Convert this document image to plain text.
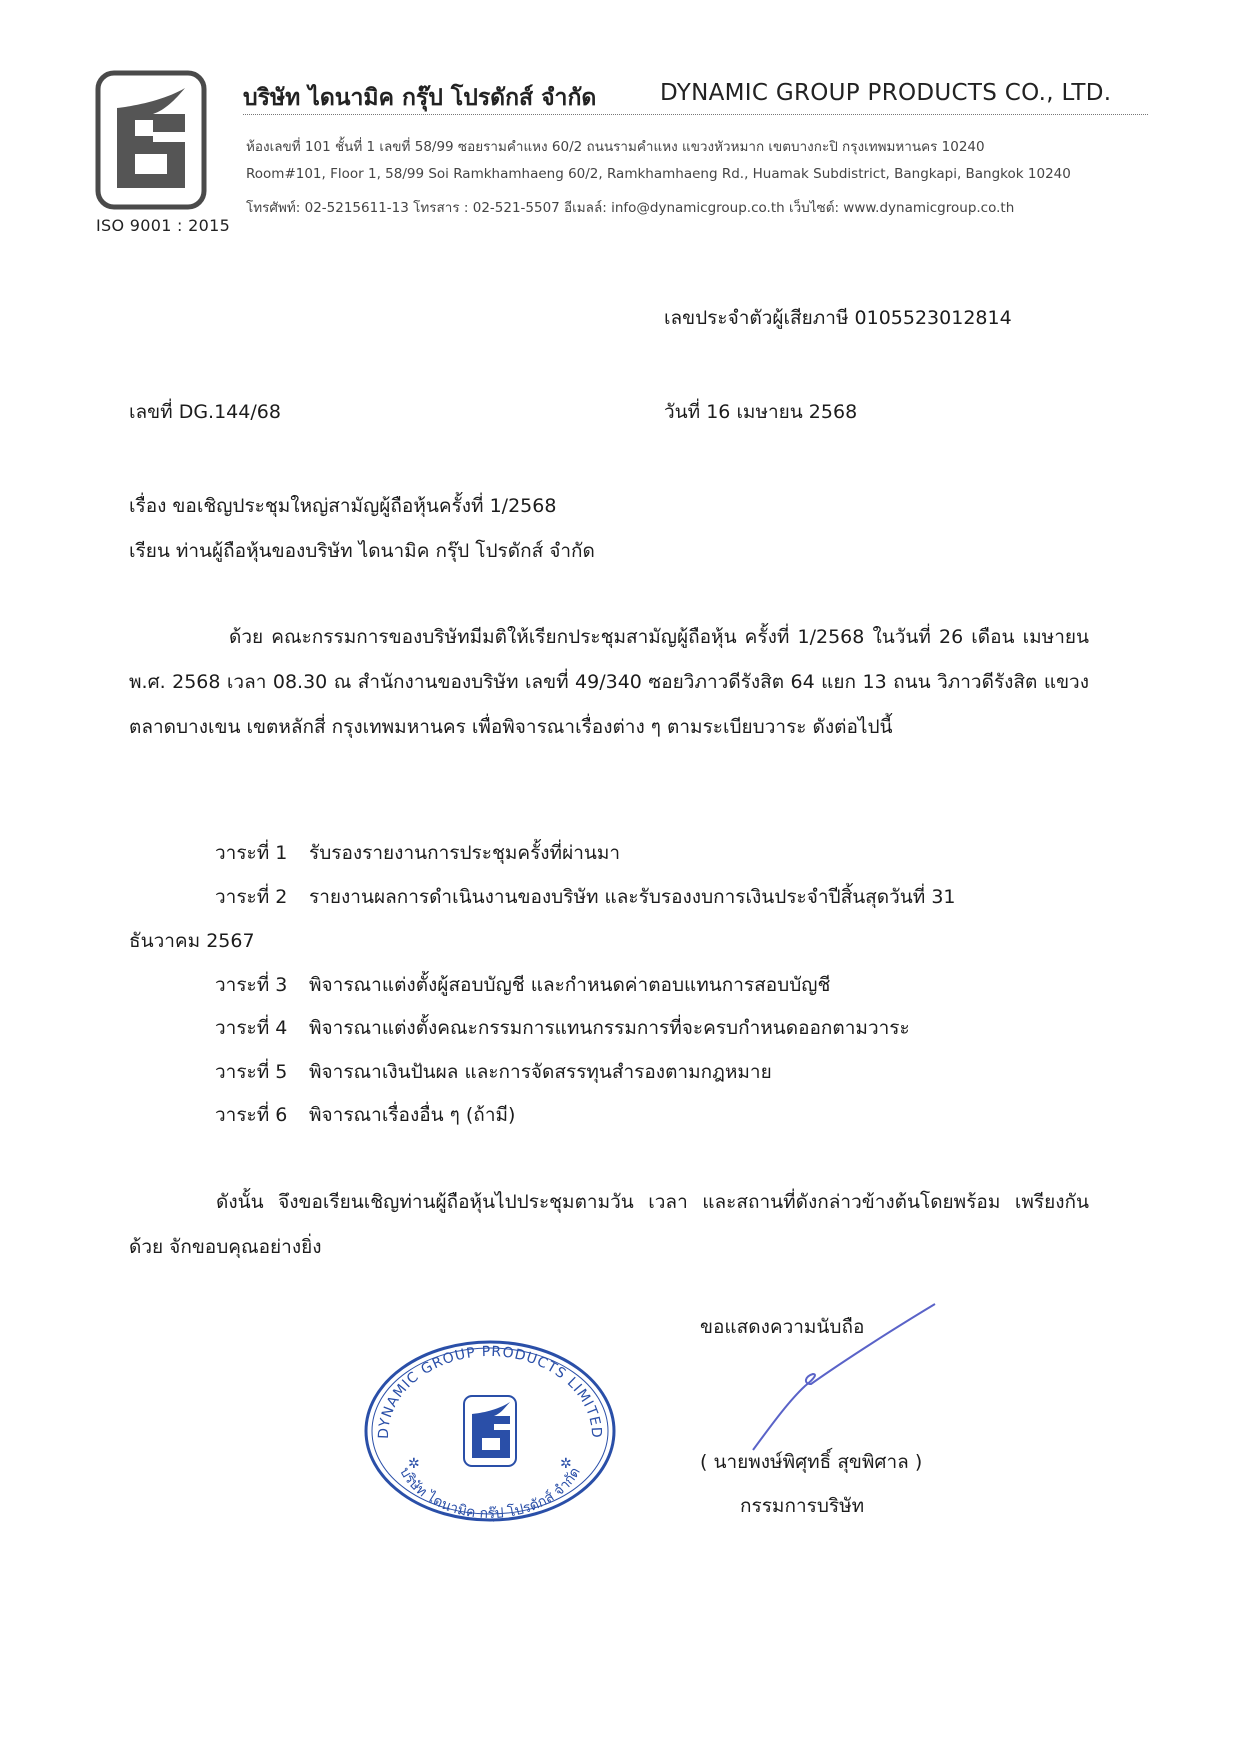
ISO 9001 : 2015
บริษัท ไดนามิค กรุ๊ป โปรดักส์ จำกัด	DYNAMIC GROUP PRODUCTS CO., LTD.
ห้องเลขที่ 101 ชั้นที่ 1 เลขที่ 58/99 ซอยรามคำแหง 60/2 ถนนรามคำแหง แขวงหัวหมาก เขตบางกะปิ กรุงเทพมหานคร 10240
Room#101, Floor 1, 58/99 Soi Ramkhamhaeng 60/2, Ramkhamhaeng Rd., Huamak Subdistrict, Bangkapi, Bangkok 10240
โทรศัพท์: 02-5215611-13 โทรสาร : 02-521-5507 อีเมลล์: info@dynamicgroup.co.th เว็บไซต์: www.dynamicgroup.co.th
เลขประจำตัวผู้เสียภาษี 0105523012814
เลขที่ DG.144/68	วันที่ 16 เมษายน 2568
เรื่อง ขอเชิญประชุมใหญ่สามัญผู้ถือหุ้นครั้งที่ 1/2568
เรียน ท่านผู้ถือหุ้นของบริษัท ไดนามิค กรุ๊ป โปรดักส์ จำกัด
ด้วย คณะกรรมการของบริษัทมีมติให้เรียกประชุมสามัญผู้ถือหุ้น ครั้งที่ 1/2568 ในวันที่ 26 เดือน เมษายน พ.ศ. 2568 เวลา 08.30 ณ สำนักงานของบริษัท เลขที่ 49/340 ซอยวิภาวดีรังสิต 64 แยก 13 ถนน วิภาวดีรังสิต แขวงตลาดบางเขน เขตหลักสี่ กรุงเทพมหานคร เพื่อพิจารณาเรื่องต่าง ๆ ตามระเบียบวาระ ดังต่อไปนี้
วาระที่ 1 รับรองรายงานการประชุมครั้งที่ผ่านมา
วาระที่ 2 รายงานผลการดำเนินงานของบริษัท และรับรองงบการเงินประจำปีสิ้นสุดวันที่ 31
ธันวาคม 2567
วาระที่ 3 พิจารณาแต่งตั้งผู้สอบบัญชี และกำหนดค่าตอบแทนการสอบบัญชี
วาระที่ 4 พิจารณาแต่งตั้งคณะกรรมการแทนกรรมการที่จะครบกำหนดออกตามวาระ
วาระที่ 5 พิจารณาเงินปันผล และการจัดสรรทุนสำรองตามกฎหมาย
วาระที่ 6 พิจารณาเรื่องอื่น ๆ (ถ้ามี)
ดังนั้น จึงขอเรียนเชิญท่านผู้ถือหุ้นไปประชุมตามวัน เวลา และสถานที่ดังกล่าวข้างต้นโดยพร้อม เพรียงกันด้วย จักขอบคุณอย่างยิ่ง
ขอแสดงความนับถือ
( นายพงษ์พิศุทธิ์ สุขพิศาล )
กรรมการบริษัท
DYNAMIC GROUP PRODUCTS LIMITED
บริษัท ไดนามิค กรุ๊ป โปรดักส์ จำกัด
✲	✲
